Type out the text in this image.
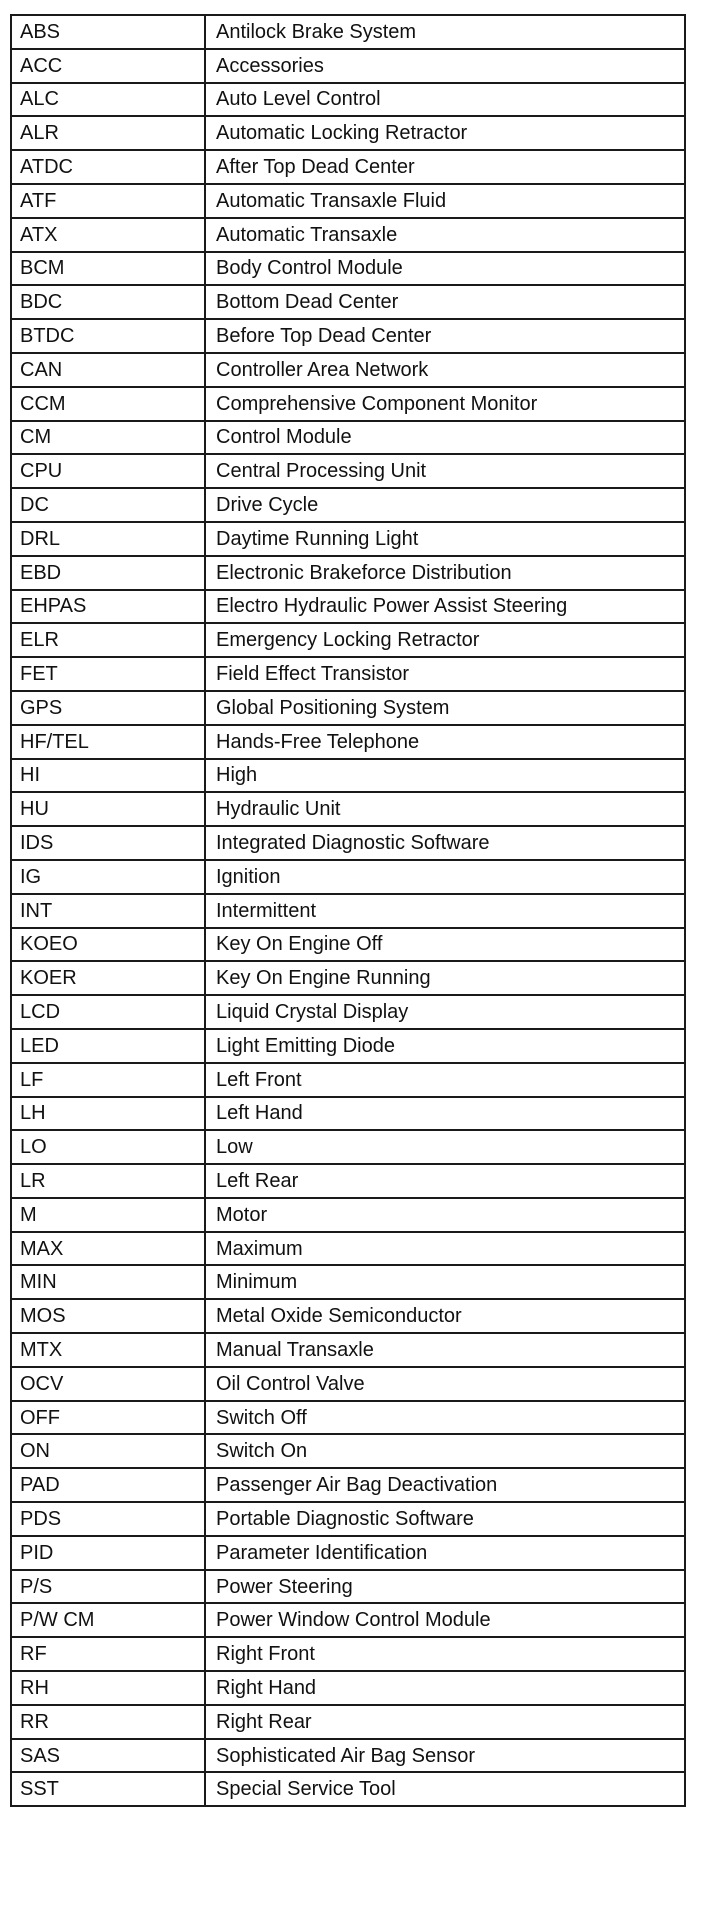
ABS	Antilock Brake System
ACC	Accessories
ALC	Auto Level Control
ALR	Automatic Locking Retractor
ATDC	After Top Dead Center
ATF	Automatic Transaxle Fluid
ATX	Automatic Transaxle
BCM	Body Control Module
BDC	Bottom Dead Center
BTDC	Before Top Dead Center
CAN	Controller Area Network
CCM	Comprehensive Component Monitor
CM	Control Module
CPU	Central Processing Unit
DC	Drive Cycle
DRL	Daytime Running Light
EBD	Electronic Brakeforce Distribution
EHPAS	Electro Hydraulic Power Assist Steering
ELR	Emergency Locking Retractor
FET	Field Effect Transistor
GPS	Global Positioning System
HF/TEL	Hands-Free Telephone
HI	High
HU	Hydraulic Unit
IDS	Integrated Diagnostic Software
IG	Ignition
INT	Intermittent
KOEO	Key On Engine Off
KOER	Key On Engine Running
LCD	Liquid Crystal Display
LED	Light Emitting Diode
LF	Left Front
LH	Left Hand
LO	Low
LR	Left Rear
M	Motor
MAX	Maximum
MIN	Minimum
MOS	Metal Oxide Semiconductor
MTX	Manual Transaxle
OCV	Oil Control Valve
OFF	Switch Off
ON	Switch On
PAD	Passenger Air Bag Deactivation
PDS	Portable Diagnostic Software
PID	Parameter Identification
P/S	Power Steering
P/W CM	Power Window Control Module
RF	Right Front
RH	Right Hand
RR	Right Rear
SAS	Sophisticated Air Bag Sensor
SST	Special Service Tool
